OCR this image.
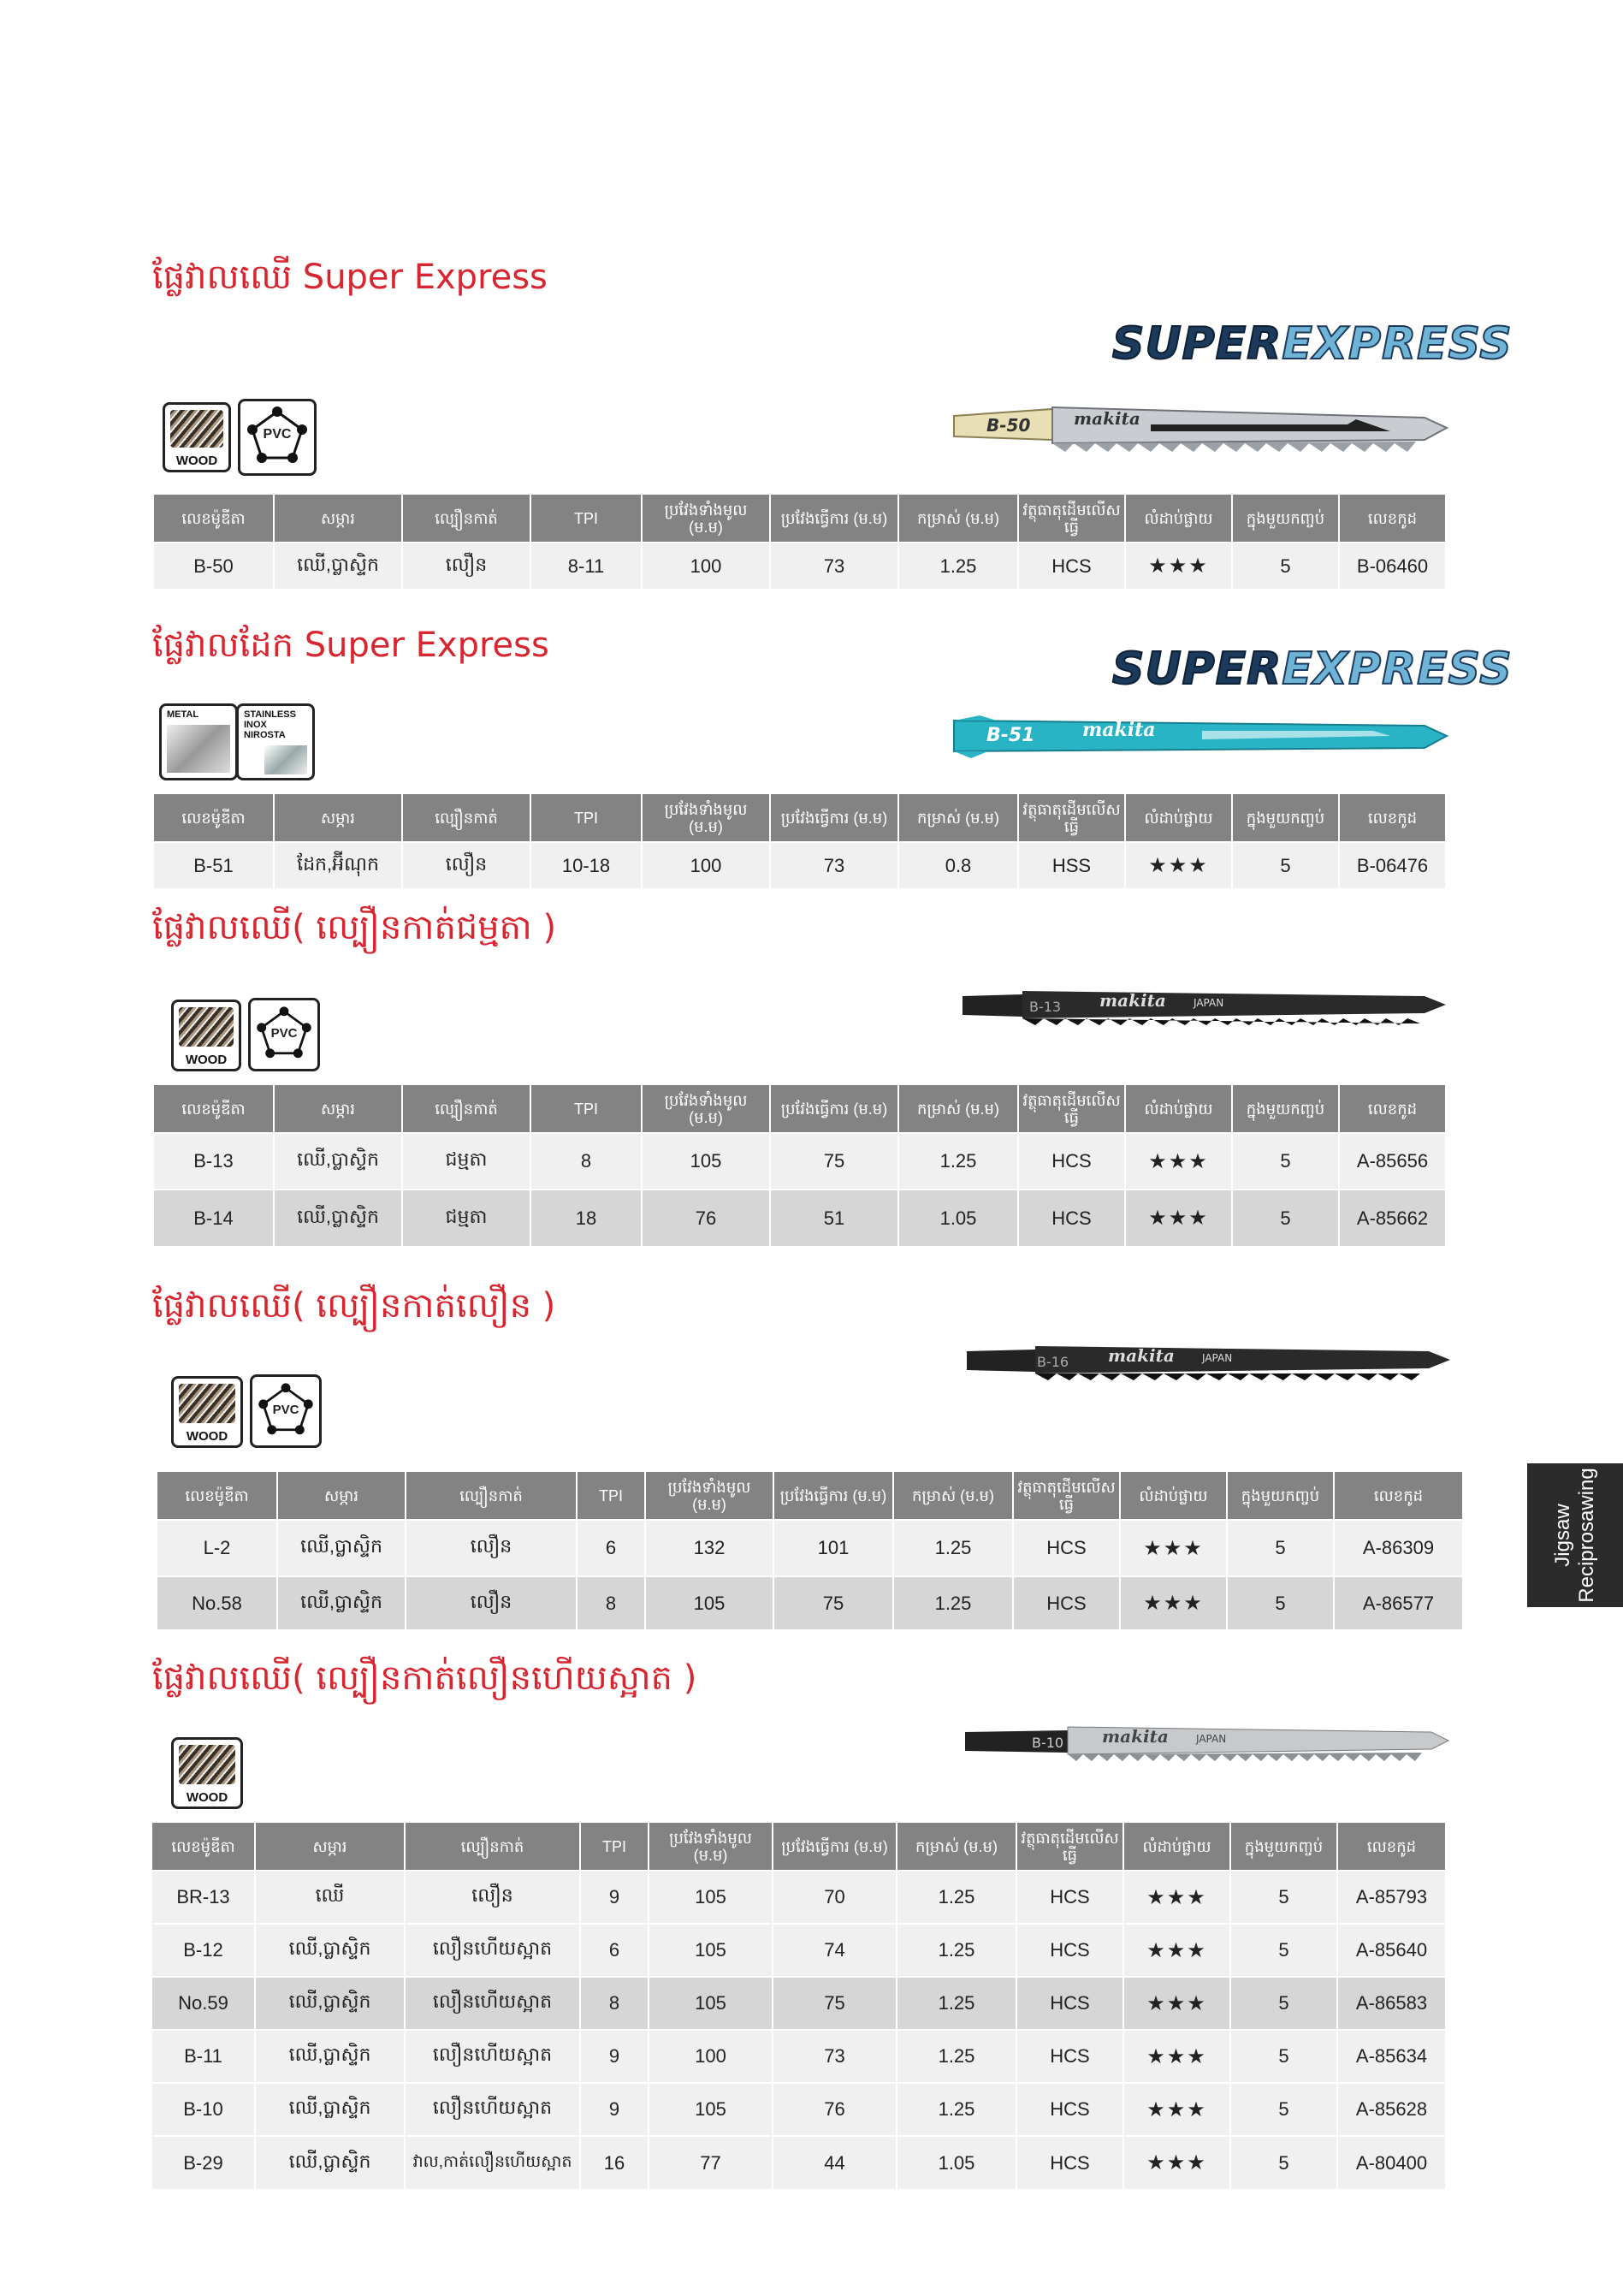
ផ្លែវាលឈើ Super Express
SUPEREXPRESS
WOOD
PVC	B-50	makita
លេខម៉ូឌីតា	សម្ភារ	ល្បឿនកាត់	TPI	ប្រវែងទាំងមូល (ម.ម)	ប្រវែងធ្វើការ (ម.ម)	កម្រាស់ (ម.ម)	វត្ថុធាតុដើមលើសធ្វើ	លំដាប់ផ្លាយ	ក្នុងមួយកញ្ចប់	លេខកូដ
B-50	ឈើ,ប្លាស្ទិក	លឿន	8-11	100	73	1.25	HCS	★★★	5	B-06460
ផ្លែវាលដែក Super Express	SUPEREXPRESS
METAL	STAINLESS INOX NIROSTA	B-51	makita
លេខម៉ូឌីតា	សម្ភារ	ល្បឿនកាត់	TPI	ប្រវែងទាំងមូល (ម.ម)	ប្រវែងធ្វើការ (ម.ម)	កម្រាស់ (ម.ម)	វត្ថុធាតុដើមលើសធ្វើ	លំដាប់ផ្លាយ	ក្នុងមួយកញ្ចប់	លេខកូដ
B-51	ដែក,អ៊ីណុក	លឿន	10-18	100	73	0.8	HSS	★★★	5	B-06476
ផ្លែវាលឈើ( ល្បឿនកាត់ជម្មតា )
WOOD
PVC
B-13 makita	JAPAN
លេខម៉ូឌីតា	សម្ភារ	ល្បឿនកាត់	TPI	ប្រវែងទាំងមូល (ម.ម)	ប្រវែងធ្វើការ (ម.ម)	កម្រាស់ (ម.ម)	វត្ថុធាតុដើមលើសធ្វើ	លំដាប់ផ្លាយ	ក្នុងមួយកញ្ចប់	លេខកូដ
B-13	ឈើ,ប្លាស្ទិក	ជម្មតា	8	105	75	1.25	HCS	★★★	5	A-85656
B-14	ឈើ,ប្លាស្ទិក	ជម្មតា	18	76	51	1.05	HCS	★★★	5	A-85662
ផ្លែវាលឈើ( ល្បឿនកាត់លឿន )
WOOD
PVC
B-16 makita	JAPAN
លេខម៉ូឌីតា	សម្ភារ	ល្បឿនកាត់	TPI	ប្រវែងទាំងមូល (ម.ម)	ប្រវែងធ្វើការ (ម.ម)	កម្រាស់ (ម.ម)	វត្ថុធាតុដើមលើសធ្វើ	លំដាប់ផ្លាយ	ក្នុងមួយកញ្ចប់	លេខកូដ
L-2	ឈើ,ប្លាស្ទិក	លឿន	6	132	101	1.25	HCS	★★★	5	A-86309
No.58	ឈើ,ប្លាស្ទិក	លឿន	8	105	75	1.25	HCS	★★★	5	A-86577
ផ្លែវាលឈើ( ល្បឿនកាត់លឿនហើយស្អាត )
WOOD
B-10 makita	JAPAN
លេខម៉ូឌីតា	សម្ភារ	ល្បឿនកាត់	TPI	ប្រវែងទាំងមូល (ម.ម)	ប្រវែងធ្វើការ (ម.ម)	កម្រាស់ (ម.ម)	វត្ថុធាតុដើមលើសធ្វើ	លំដាប់ផ្លាយ	ក្នុងមួយកញ្ចប់	លេខកូដ
BR-13	ឈើ	លឿន	9	105	70	1.25	HCS	★★★	5	A-85793
B-12	ឈើ,ប្លាស្ទិក	លឿនហើយស្អាត	6	105	74	1.25	HCS	★★★	5	A-85640
No.59	ឈើ,ប្លាស្ទិក	លឿនហើយស្អាត	8	105	75	1.25	HCS	★★★	5	A-86583
B-11	ឈើ,ប្លាស្ទិក	លឿនហើយស្អាត	9	100	73	1.25	HCS	★★★	5	A-85634
B-10	ឈើ,ប្លាស្ទិក	លឿនហើយស្អាត	9	105	76	1.25	HCS	★★★	5	A-85628
B-29	ឈើ,ប្លាស្ទិក	វាល,កាត់លឿនហើយស្អាត	16	77	44	1.05	HCS	★★★	5	A-80400
Jigsaw Reciprosawing
